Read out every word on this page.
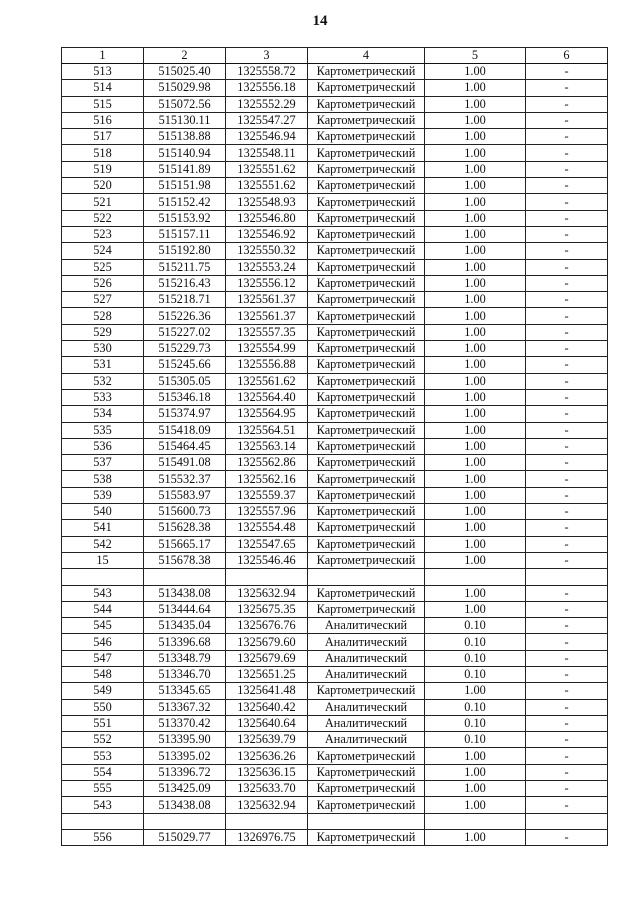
14
1	2	3	4	5	6
513	515025.40	1325558.72	Картометрический	1.00	-
514	515029.98	1325556.18	Картометрический	1.00	-
515	515072.56	1325552.29	Картометрический	1.00	-
516	515130.11	1325547.27	Картометрический	1.00	-
517	515138.88	1325546.94	Картометрический	1.00	-
518	515140.94	1325548.11	Картометрический	1.00	-
519	515141.89	1325551.62	Картометрический	1.00	-
520	515151.98	1325551.62	Картометрический	1.00	-
521	515152.42	1325548.93	Картометрический	1.00	-
522	515153.92	1325546.80	Картометрический	1.00	-
523	515157.11	1325546.92	Картометрический	1.00	-
524	515192.80	1325550.32	Картометрический	1.00	-
525	515211.75	1325553.24	Картометрический	1.00	-
526	515216.43	1325556.12	Картометрический	1.00	-
527	515218.71	1325561.37	Картометрический	1.00	-
528	515226.36	1325561.37	Картометрический	1.00	-
529	515227.02	1325557.35	Картометрический	1.00	-
530	515229.73	1325554.99	Картометрический	1.00	-
531	515245.66	1325556.88	Картометрический	1.00	-
532	515305.05	1325561.62	Картометрический	1.00	-
533	515346.18	1325564.40	Картометрический	1.00	-
534	515374.97	1325564.95	Картометрический	1.00	-
535	515418.09	1325564.51	Картометрический	1.00	-
536	515464.45	1325563.14	Картометрический	1.00	-
537	515491.08	1325562.86	Картометрический	1.00	-
538	515532.37	1325562.16	Картометрический	1.00	-
539	515583.97	1325559.37	Картометрический	1.00	-
540	515600.73	1325557.96	Картометрический	1.00	-
541	515628.38	1325554.48	Картометрический	1.00	-
542	515665.17	1325547.65	Картометрический	1.00	-
15	515678.38	1325546.46	Картометрический	1.00	-

543	513438.08	1325632.94	Картометрический	1.00	-
544	513444.64	1325675.35	Картометрический	1.00	-
545	513435.04	1325676.76	Аналитический	0.10	-
546	513396.68	1325679.60	Аналитический	0.10	-
547	513348.79	1325679.69	Аналитический	0.10	-
548	513346.70	1325651.25	Аналитический	0.10	-
549	513345.65	1325641.48	Картометрический	1.00	-
550	513367.32	1325640.42	Аналитический	0.10	-
551	513370.42	1325640.64	Аналитический	0.10	-
552	513395.90	1325639.79	Аналитический	0.10	-
553	513395.02	1325636.26	Картометрический	1.00	-
554	513396.72	1325636.15	Картометрический	1.00	-
555	513425.09	1325633.70	Картометрический	1.00	-
543	513438.08	1325632.94	Картометрический	1.00	-

556	515029.77	1326976.75	Картометрический	1.00	-
